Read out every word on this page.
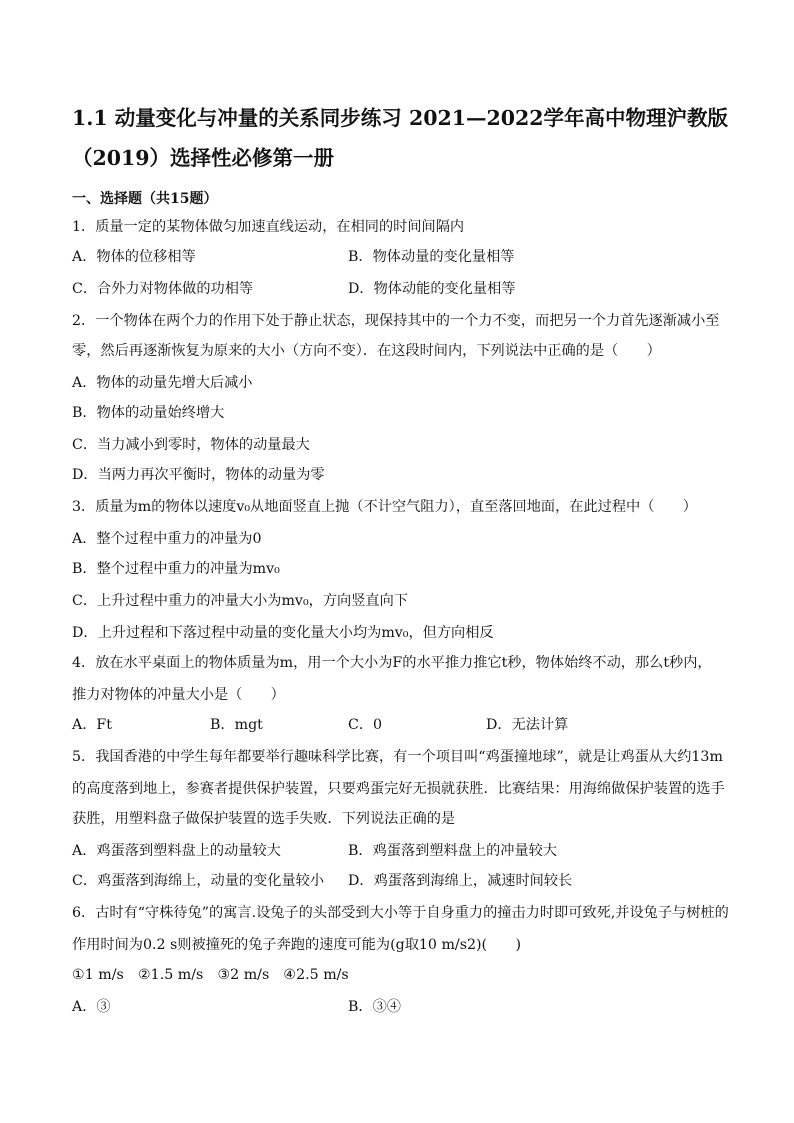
1.1 动量变化与冲量的关系同步练习 2021—2022学年高中物理沪教版
（2019）选择性必修第一册
一、选择题（共15题）
1．质量一定的某物体做匀加速直线运动，在相同的时间间隔内
A．物体的位移相等	B．物体动量的变化量相等
C．合外力对物体做的功相等	D．物体动能的变化量相等
2．一个物体在两个力的作用下处于静止状态，现保持其中的一个力不变，而把另一个力首先逐渐减小至
零，然后再逐渐恢复为原来的大小（方向不变）．在这段时间内，下列说法中正确的是（　　）
A．物体的动量先增大后减小
B．物体的动量始终增大
C．当力减小到零时，物体的动量最大
D．当两力再次平衡时，物体的动量为零
3．质量为m的物体以速度v₀从地面竖直上抛（不计空气阻力），直至落回地面，在此过程中（　　）
A．整个过程中重力的冲量为0
B．整个过程中重力的冲量为mv₀
C．上升过程中重力的冲量大小为mv₀，方向竖直向下
D．上升过程和下落过程中动量的变化量大小均为mv₀，但方向相反
4．放在水平桌面上的物体质量为m，用一个大小为F的水平推力推它t秒，物体始终不动，那么t秒内，
推力对物体的冲量大小是（　　）
A．Ft	B．mgt	C．0	D．无法计算
5．我国香港的中学生每年都要举行趣味科学比赛，有一个项目叫“鸡蛋撞地球”，就是让鸡蛋从大约13m
的高度落到地上，参赛者提供保护装置，只要鸡蛋完好无损就获胜．比赛结果：用海绵做保护装置的选手
获胜，用塑料盘子做保护装置的选手失败．下列说法正确的是
A．鸡蛋落到塑料盘上的动量较大	B．鸡蛋落到塑料盘上的冲量较大
C．鸡蛋落到海绵上，动量的变化量较小 D．鸡蛋落到海绵上，减速时间较长
6．古时有“守株待兔”的寓言.设兔子的头部受到大小等于自身重力的撞击力时即可致死,并设兔子与树桩的
作用时间为0.2 s则被撞死的兔子奔跑的速度可能为(g取10 m/s2)(　　)
①1 m/s　②1.5 m/s　③2 m/s　④2.5 m/s
A．③	B．③④
